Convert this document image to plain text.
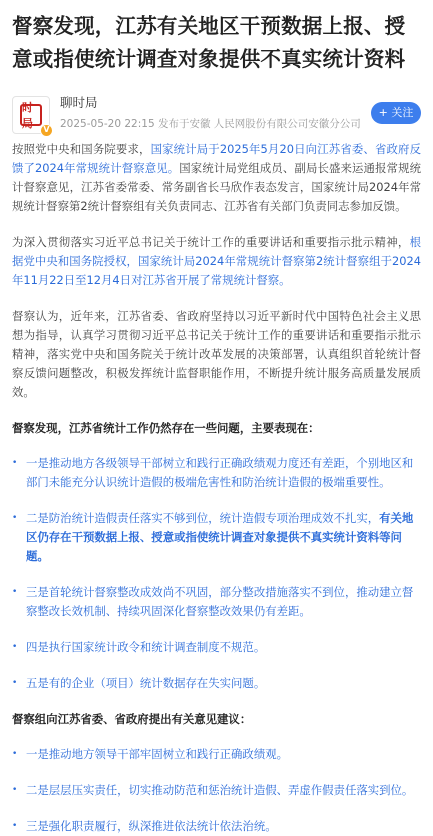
督察发现，江苏有关地区干预数据上报、授意或指使统计调查对象提供不真实统计资料
时局	V
聊时局
2025-05-20 22:15 发布于安徽 人民网股份有限公司安徽分公司
+ 关注

按照党中央和国务院要求，国家统计局于2025年5月20日向江苏省委、省政府反馈了2024年常规统计督察意见。国家统计局党组成员、副局长盛来运通报常规统计督察意见，江苏省委常委、常务副省长马欣作表态发言，国家统计局2024年常规统计督察第2统计督察组有关负责同志、江苏省有关部门负责同志参加反馈。

为深入贯彻落实习近平总书记关于统计工作的重要讲话和重要指示批示精神，根据党中央和国务院授权，国家统计局2024年常规统计督察第2统计督察组于2024年11月22日至12月4日对江苏省开展了常规统计督察。

督察认为，近年来，江苏省委、省政府坚持以习近平新时代中国特色社会主义思想为指导，认真学习贯彻习近平总书记关于统计工作的重要讲话和重要指示批示精神，落实党中央和国务院关于统计改革发展的决策部署，认真组织首轮统计督察反馈问题整改，积极发挥统计监督职能作用，不断提升统计服务高质量发展质效。

督察发现，江苏省统计工作仍然存在一些问题，主要表现在：

• 一是推动地方各级领导干部树立和践行正确政绩观力度还有差距，个别地区和部门未能充分认识统计造假的极端危害性和防治统计造假的极端重要性。
• 二是防治统计造假责任落实不够到位，统计造假专项治理成效不扎实，有关地区仍存在干预数据上报、授意或指使统计调查对象提供不真实统计资料等问题。
• 三是首轮统计督察整改成效尚不巩固，部分整改措施落实不到位，推动建立督察整改长效机制、持续巩固深化督察整改效果仍有差距。
• 四是执行国家统计政令和统计调查制度不规范。
• 五是有的企业（项目）统计数据存在失实问题。

督察组向江苏省委、省政府提出有关意见建议：

• 一是推动地方领导干部牢固树立和践行正确政绩观。
• 二是层层压实责任，切实推动防范和惩治统计造假、弄虚作假责任落实到位。
• 三是强化职责履行，纵深推进依法统计依法治统。
